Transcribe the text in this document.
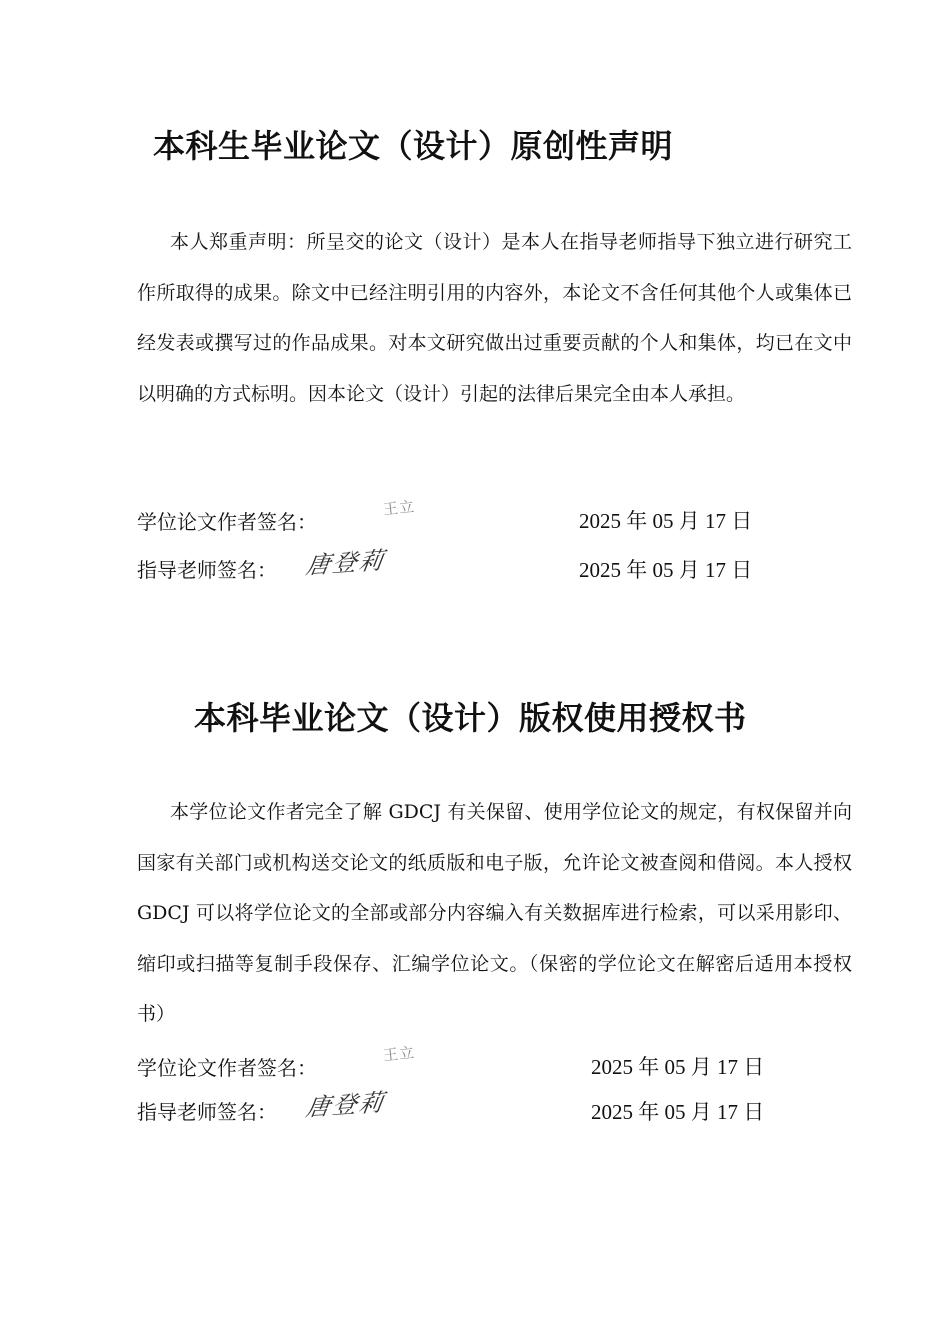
本科生毕业论文（设计）原创性声明

本人郑重声明：所呈交的论文（设计）是本人在指导老师指导下独立进行研究工作所取得的成果。除文中已经注明引用的内容外，本论文不含任何其他个人或集体已经发表或撰写过的作品成果。对本文研究做出过重要贡献的个人和集体，均已在文中以明确的方式标明。因本论文（设计）引起的法律后果完全由本人承担。

学位论文作者签名：
王立
2025 年 05 月 17 日
指导老师签名： 唐登莉	2025 年 05 月 17 日
本科毕业论文（设计）版权使用授权书

本学位论文作者完全了解 GDCJ 有关保留、使用学位论文的规定，有权保留并向国家有关部门或机构送交论文的纸质版和电子版，允许论文被查阅和借阅。本人授权 GDCJ 可以将学位论文的全部或部分内容编入有关数据库进行检索，可以采用影印、缩印或扫描等复制手段保存、汇编学位论文。（保密的学位论文在解密后适用本授权书）

学位论文作者签名：
王立
2025 年 05 月 17 日
指导老师签名： 唐登莉	2025 年 05 月 17 日
